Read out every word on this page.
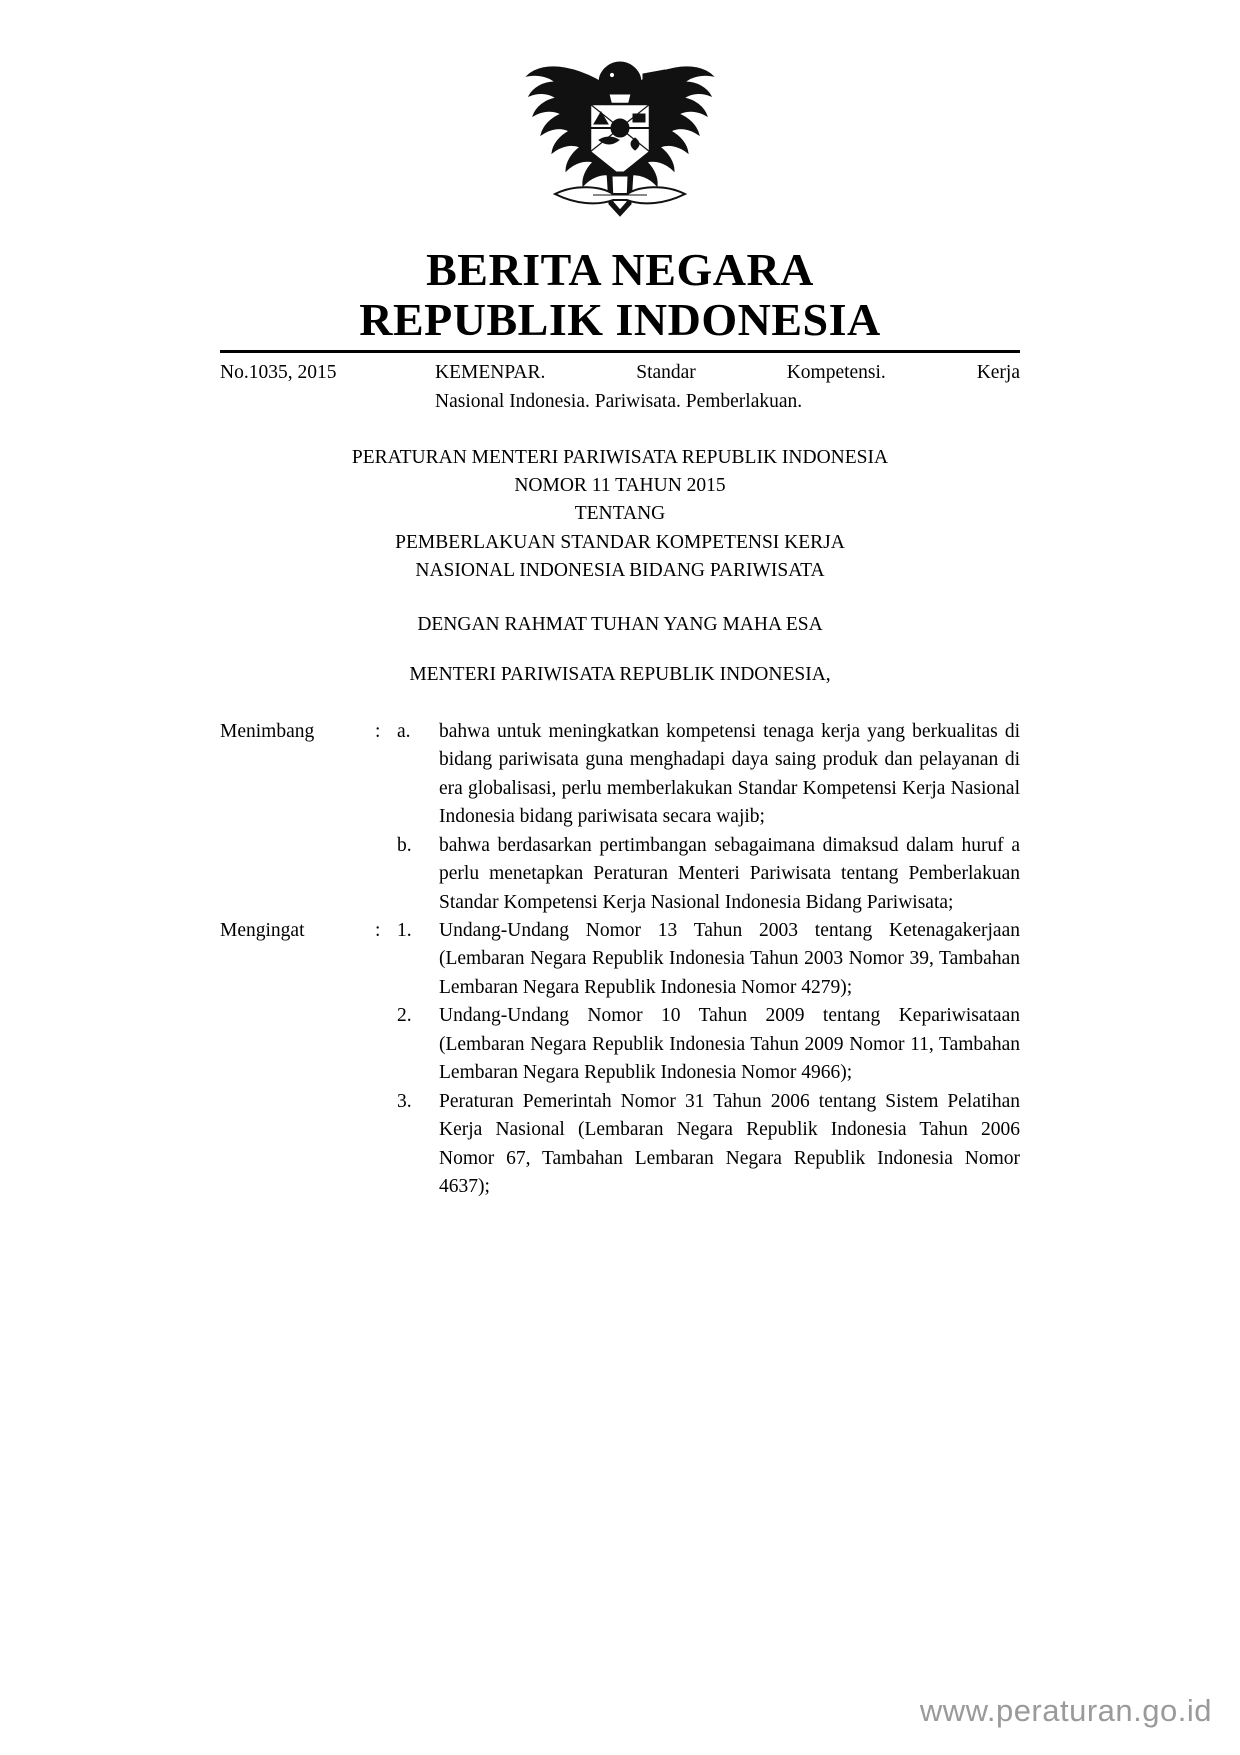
BERITA NEGARA
REPUBLIK INDONESIA
No.1035, 2015	KEMENPAR. Standar Kompetensi. Kerja
Nasional Indonesia. Pariwisata. Pemberlakuan.
PERATURAN MENTERI PARIWISATA REPUBLIK INDONESIA
NOMOR 11 TAHUN 2015
TENTANG
PEMBERLAKUAN STANDAR KOMPETENSI KERJA
NASIONAL INDONESIA BIDANG PARIWISATA
DENGAN RAHMAT TUHAN YANG MAHA ESA
MENTERI PARIWISATA REPUBLIK INDONESIA,
Menimbang	: a.	bahwa untuk meningkatkan kompetensi tenaga kerja yang berkualitas di bidang pariwisata guna menghadapi daya saing produk dan pelayanan di era globalisasi, perlu memberlakukan Standar Kompetensi Kerja Nasional Indonesia bidang pariwisata secara wajib;
b.	bahwa berdasarkan pertimbangan sebagaimana dimaksud dalam huruf a perlu menetapkan Peraturan Menteri Pariwisata tentang Pemberlakuan Standar Kompetensi Kerja Nasional Indonesia Bidang Pariwisata;
Mengingat	: 1.	Undang-Undang Nomor 13 Tahun 2003 tentang Ketenagakerjaan (Lembaran Negara Republik Indonesia Tahun 2003 Nomor 39, Tambahan Lembaran Negara Republik Indonesia Nomor 4279);
2.	Undang-Undang Nomor 10 Tahun 2009 tentang Kepariwisataan (Lembaran Negara Republik Indonesia Tahun 2009 Nomor 11, Tambahan Lembaran Negara Republik Indonesia Nomor 4966);
3.	Peraturan Pemerintah Nomor 31 Tahun 2006 tentang Sistem Pelatihan Kerja Nasional (Lembaran Negara Republik Indonesia Tahun 2006 Nomor 67, Tambahan Lembaran Negara Republik Indonesia Nomor 4637);
www.peraturan.go.id
